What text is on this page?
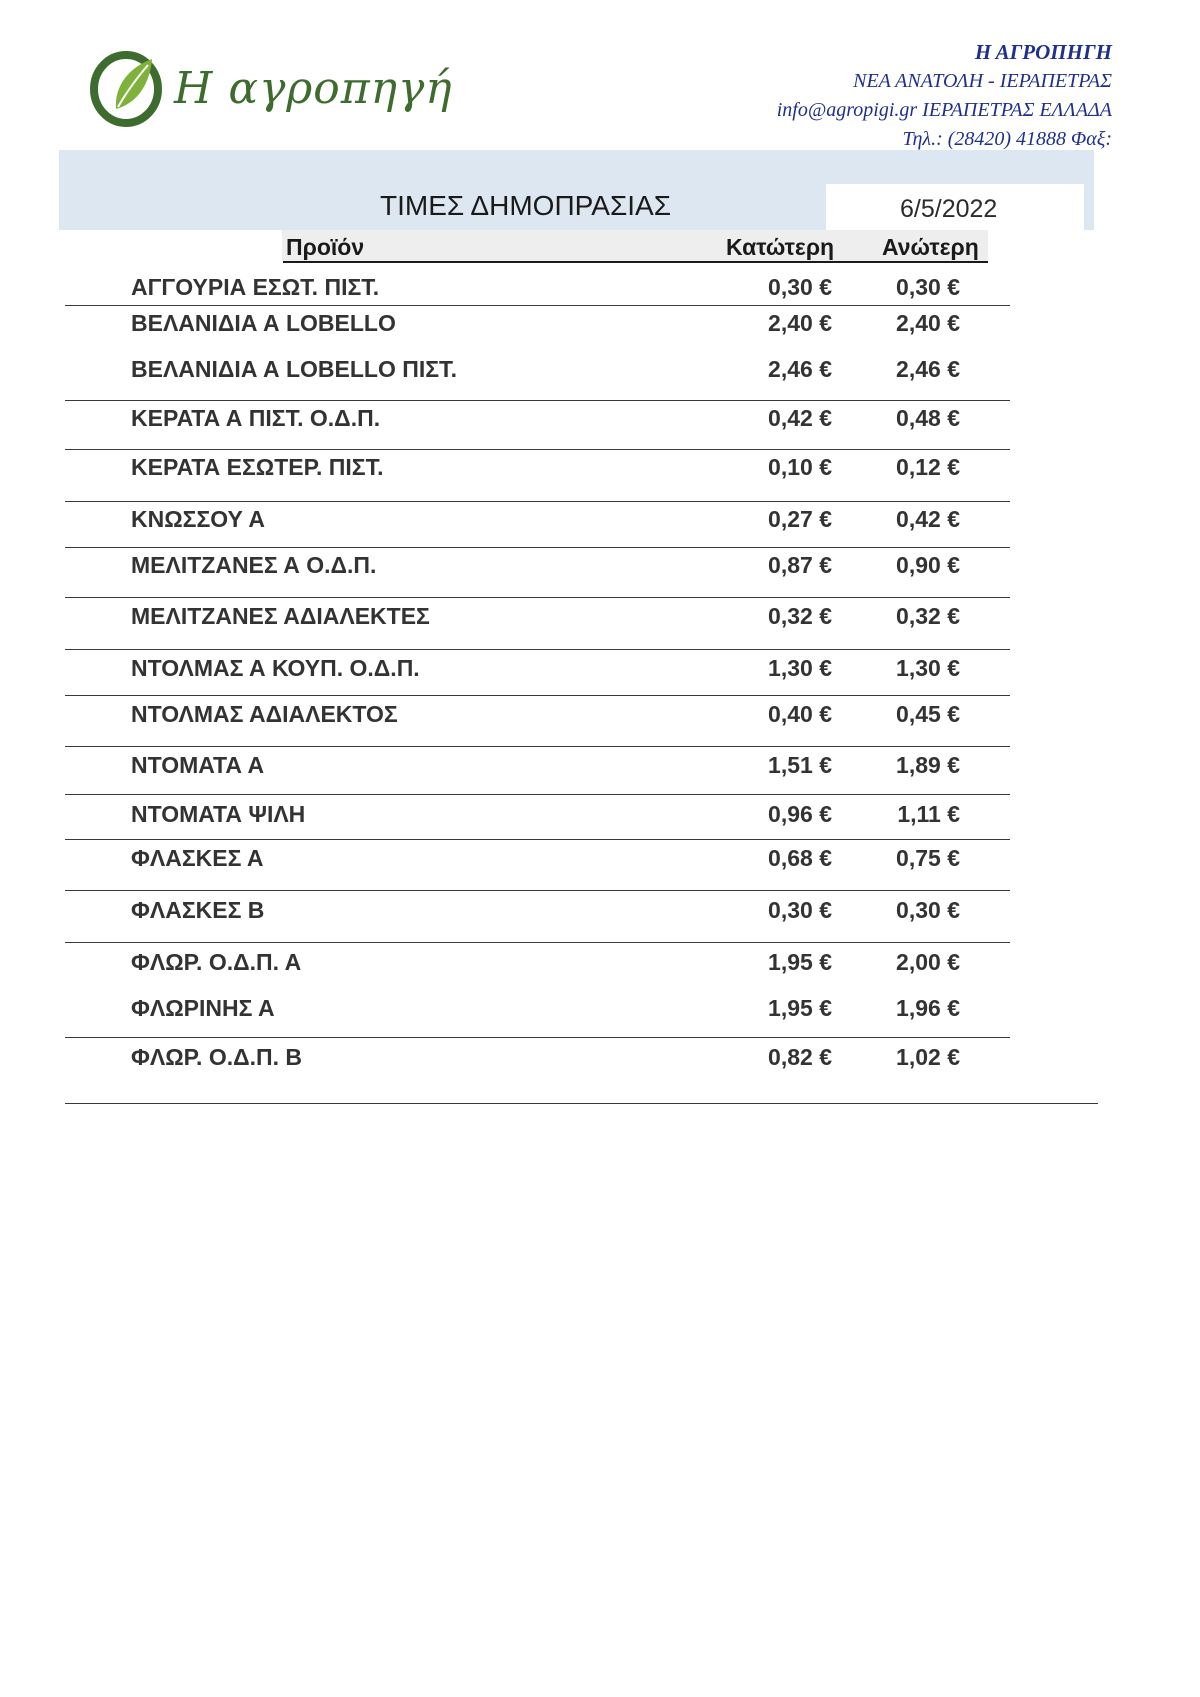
Η αγροπηγή
Η ΑΓΡΟΠΗΓΗ
ΝΕΑ ΑΝΑΤΟΛΗ - ΙΕΡΑΠΕΤΡΑΣ
info@agropigi.gr ΙΕΡΑΠΕΤΡΑΣ ΕΛΛΑΔΑ
Τηλ.: (28420) 41888 Φαξ:
ΤΙΜΕΣ ΔΗΜΟΠΡΑΣΙΑΣ	6/5/2022
Προϊόν	Κατώτερη Ανώτερη
ΑΓΓΟΥΡΙΑ ΕΣΩΤ. ΠΙΣΤ.	0,30 €	0,30 €
ΒΕΛΑΝΙΔΙΑ Α LOBELLO	2,40 €	2,40 €
ΒΕΛΑΝΙΔΙΑ Α LOBELLO ΠΙΣΤ.	2,46 €	2,46 €
ΚΕΡΑΤΑ Α ΠΙΣΤ. Ο.Δ.Π.	0,42 €	0,48 €
ΚΕΡΑΤΑ ΕΣΩΤΕΡ. ΠΙΣΤ.	0,10 €	0,12 €
ΚΝΩΣΣΟΥ Α	0,27 €	0,42 €
ΜΕΛΙΤΖΑΝΕΣ Α Ο.Δ.Π.	0,87 €	0,90 €
ΜΕΛΙΤΖΑΝΕΣ ΑΔΙΑΛΕΚΤΕΣ	0,32 €	0,32 €
ΝΤΟΛΜΑΣ Α ΚΟΥΠ. Ο.Δ.Π.	1,30 €	1,30 €
ΝΤΟΛΜΑΣ ΑΔΙΑΛΕΚΤΟΣ	0,40 €	0,45 €
ΝΤΟΜΑΤΑ Α	1,51 €	1,89 €
ΝΤΟΜΑΤΑ ΨΙΛΗ	0,96 €	1,11 €
ΦΛΑΣΚΕΣ Α	0,68 €	0,75 €
ΦΛΑΣΚΕΣ Β	0,30 €	0,30 €
ΦΛΩΡ. Ο.Δ.Π. Α	1,95 €	2,00 €
ΦΛΩΡΙΝΗΣ Α	1,95 €	1,96 €
ΦΛΩΡ. Ο.Δ.Π. Β	0,82 €	1,02 €
